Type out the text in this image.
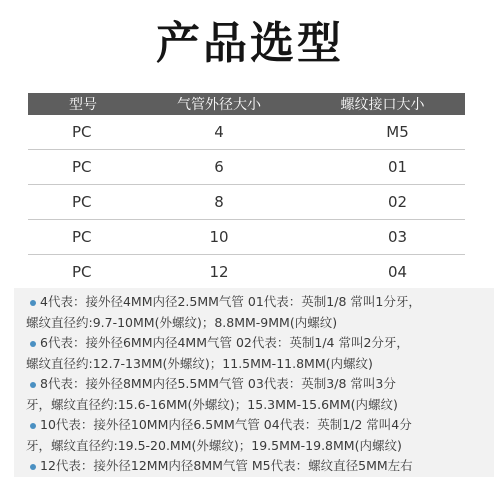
产品选型
型号	气管外径大小	螺纹接口大小
PC	4	M5
PC	6	01
PC	8	02
PC	10	03
PC	12	04
4代表：接外径4MM内径2.5MM气管 01代表：英制1/8 常叫1分牙，
螺纹直径约:9.7-10MM(外螺纹)；8.8MM-9MM(内螺纹)
6代表：接外径6MM内径4MM气管 02代表：英制1/4 常叫2分牙，
螺纹直径约:12.7-13MM(外螺纹)；11.5MM-11.8MM(内螺纹)
8代表：接外径8MM内径5.5MM气管 03代表：英制3/8 常叫3分
牙，螺纹直径约:15.6-16MM(外螺纹)；15.3MM-15.6MM(内螺纹)
10代表：接外径10MM内径6.5MM气管 04代表：英制1/2 常叫4分
牙，螺纹直径约:19.5-20.MM(外螺纹)；19.5MM-19.8MM(内螺纹)
12代表：接外径12MM内径8MM气管 M5代表：螺纹直径5MM左右
